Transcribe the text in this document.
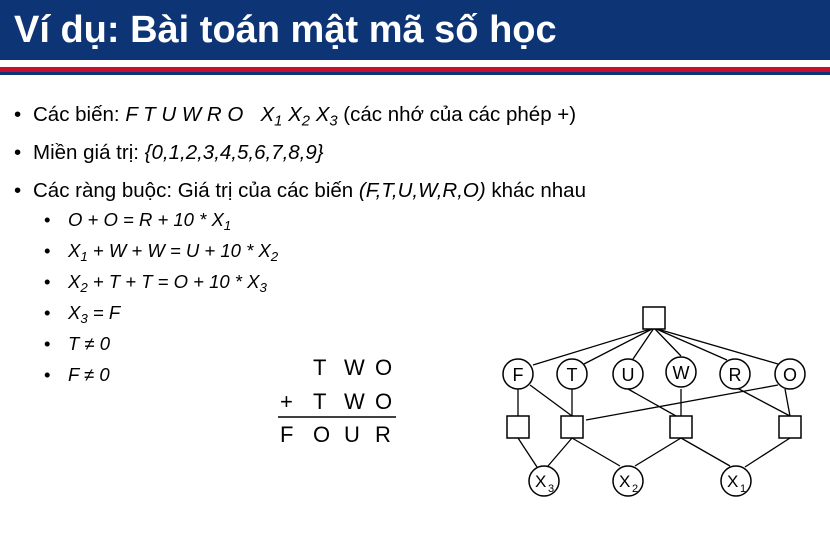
Ví dụ: Bài toán mật mã số học
• Các biến: F T U W R O $X_1$ $X_2$ $X_3$ (các nhớ của các phép +)
• Miền giá trị: {0,1,2,3,4,5,6,7,8,9}
• Các ràng buộc: Giá trị của các biến (F,T,U,W,R,O) khác nhau
• $O + O = R + 10 * X_1$
• $X_1 + W + W = U + 10 * X_2$
• $X_2 + T + T = O + 10 * X_3$
• $X_3 = F$
• T ≠ 0
• F ≠ 0	T W O
+ T W O
F O U R
F T U W R O
X 3	X 2	X 1
